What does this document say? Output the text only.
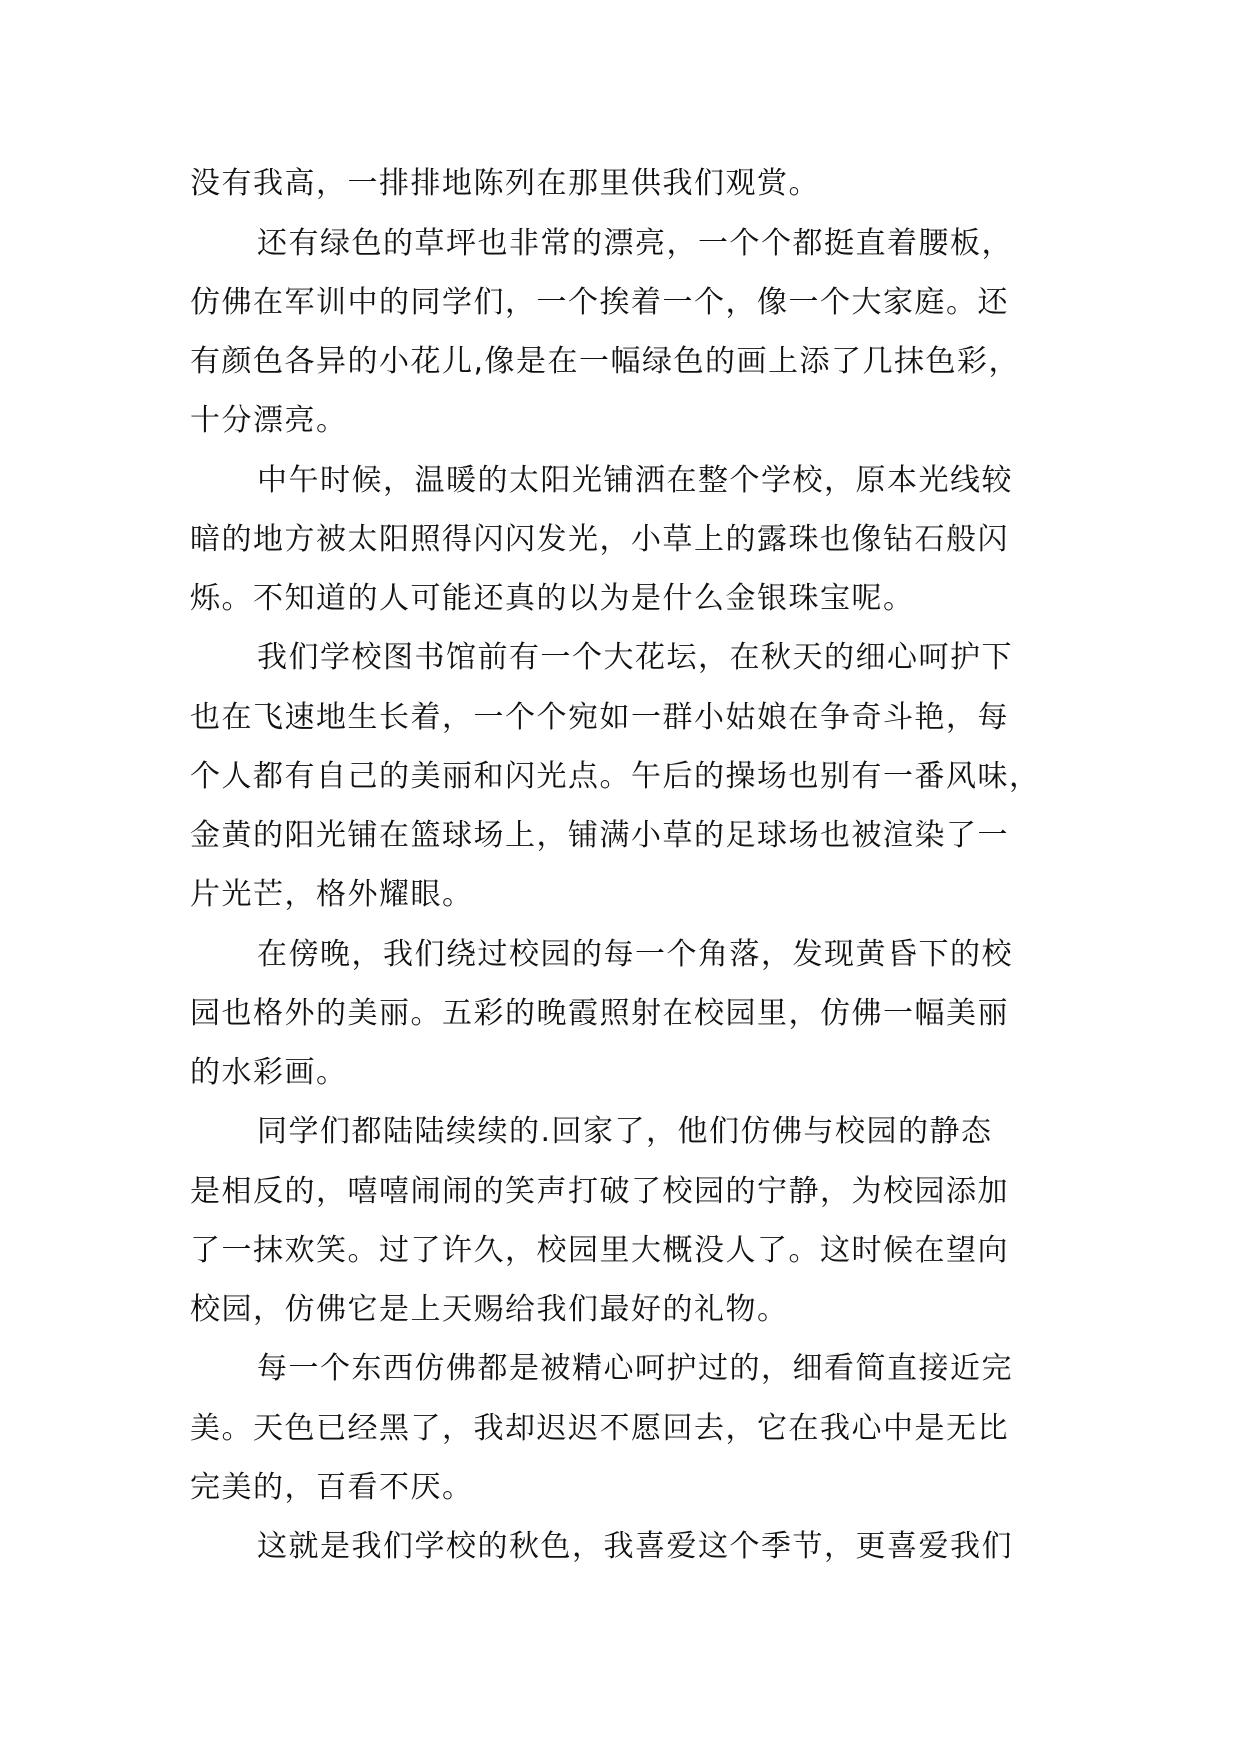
没有我高，一排排地陈列在那里供我们观赏。
还有绿色的草坪也非常的漂亮，一个个都挺直着腰板，
仿佛在军训中的同学们，一个挨着一个，像一个大家庭。还
有颜色各异的小花儿,像是在一幅绿色的画上添了几抹色彩，
十分漂亮。
中午时候，温暖的太阳光铺洒在整个学校，原本光线较
暗的地方被太阳照得闪闪发光，小草上的露珠也像钻石般闪
烁。不知道的人可能还真的以为是什么金银珠宝呢。
我们学校图书馆前有一个大花坛，在秋天的细心呵护下
也在飞速地生长着，一个个宛如一群小姑娘在争奇斗艳，每
个人都有自己的美丽和闪光点。午后的操场也别有一番风味，
金黄的阳光铺在篮球场上，铺满小草的足球场也被渲染了一
片光芒，格外耀眼。
在傍晚，我们绕过校园的每一个角落，发现黄昏下的校
园也格外的美丽。五彩的晚霞照射在校园里，仿佛一幅美丽
的水彩画。
同学们都陆陆续续的.回家了，他们仿佛与校园的静态
是相反的，嘻嘻闹闹的笑声打破了校园的宁静，为校园添加
了一抹欢笑。过了许久，校园里大概没人了。这时候在望向
校园，仿佛它是上天赐给我们最好的礼物。
每一个东西仿佛都是被精心呵护过的，细看简直接近完
美。天色已经黑了，我却迟迟不愿回去，它在我心中是无比
完美的，百看不厌。
这就是我们学校的秋色，我喜爱这个季节，更喜爱我们
